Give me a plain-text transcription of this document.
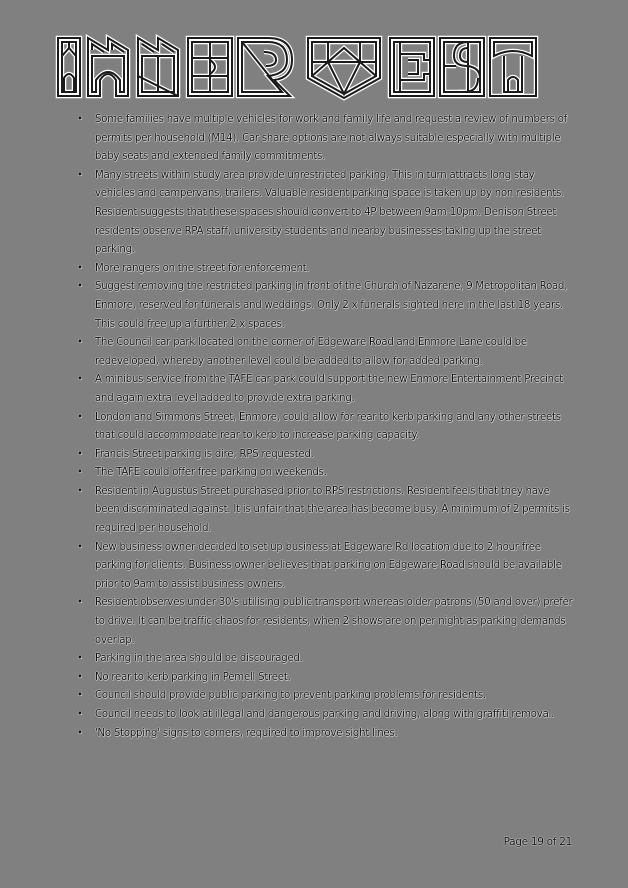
•	Some families have multiple vehicles for work and family life and request a review of numbers of permits per household (M14). Car share options are not always suitable especially with multiple baby seats and extended family commitments.
•	Many streets within study area provide unrestricted parking. This in turn attracts long stay vehicles and campervans, trailers. Valuable resident parking space is taken up by non-residents. Resident suggests that these spaces should convert to 4P between 9am-10pm. Denison Street residents observe RPA staff, university students and nearby businesses taking up the street parking.
•	More rangers on the street for enforcement.
•	Suggest removing the restricted parking in front of the Church of Nazarene, 9 Metropolitan Road, Enmore, reserved for funerals and weddings. Only 2 x funerals sighted here in the last 18 years. This could free up a further 2 x spaces.
•	The Council car park located on the corner of Edgeware Road and Enmore Lane could be redeveloped, whereby another level could be added to allow for added parking.
•	A minibus service from the TAFE car park could support the new Enmore Entertainment Precinct and again extra level added to provide extra parking.
•	London and Simmons Street, Enmore, could allow for rear to kerb parking and any other streets that could accommodate rear to kerb to increase parking capacity.
•	Francis Street parking is dire; RPS requested.
•	The TAFE could offer free parking on weekends.
•	Resident in Augustus Street purchased prior to RPS restrictions. Resident feels that they have been discriminated against. It is unfair that the area has become busy. A minimum of 2 permits is required per household.
•	New business owner decided to set up business at Edgeware Rd location due to 2-hour free parking for clients. Business owner believes that parking on Edgeware Road should be available prior to 9am to assist business owners.
•	Resident observes under 30's utilising public transport whereas older patrons (50 and over) prefer to drive. It can be traffic chaos for residents, when 2 shows are on per night as parking demands overlap.
•	Parking in the area should be discouraged.
•	No rear to kerb parking in Pemell Street.
•	Council should provide public parking to prevent parking problems for residents.
•	Council needs to look at illegal and dangerous parking and driving, along with graffiti removal.
•	'No Stopping' signs to corners, required to improve sight lines.
Page 19 of 21
